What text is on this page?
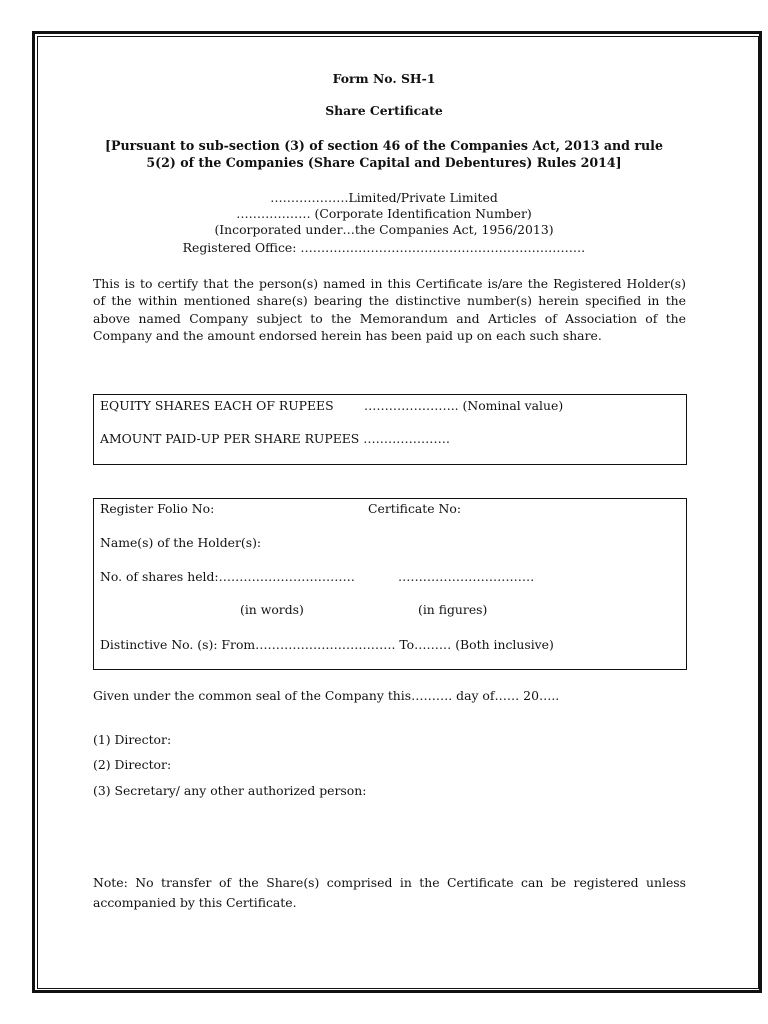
Form No. SH-1
Share Certificate
[Pursuant to sub-section (3) of section 46 of the Companies Act, 2013 and rule
5(2) of the Companies (Share Capital and Debentures) Rules 2014]
……………….Limited/Private Limited
……………… (Corporate Identification Number)
(Incorporated under…the Companies Act, 1956/2013)
Registered Office: ……………………………………………………………
This is to certify that the person(s) named in this Certificate is/are the Registered Holder(s) of the within mentioned share(s) bearing the distinctive number(s) herein specified in the above named Company subject to the Memorandum and Articles of Association of the Company and the amount endorsed herein has been paid up on each such share.
EQUITY SHARES EACH OF RUPEES ………………….. (Nominal value)
AMOUNT PAID-UP PER SHARE RUPEES …………………
Register Folio No:	Certificate No:
Name(s) of the Holder(s):
No. of shares held:……………………………	……………………………
(in words)	(in figures)
Distinctive No. (s): From……………………………. To……… (Both inclusive)
Given under the common seal of the Company this………. day of…… 20…..
(1) Director:
(2) Director:
(3) Secretary/ any other authorized person:
Note: No transfer of the Share(s) comprised in the Certificate can be registered unless accompanied by this Certificate.
